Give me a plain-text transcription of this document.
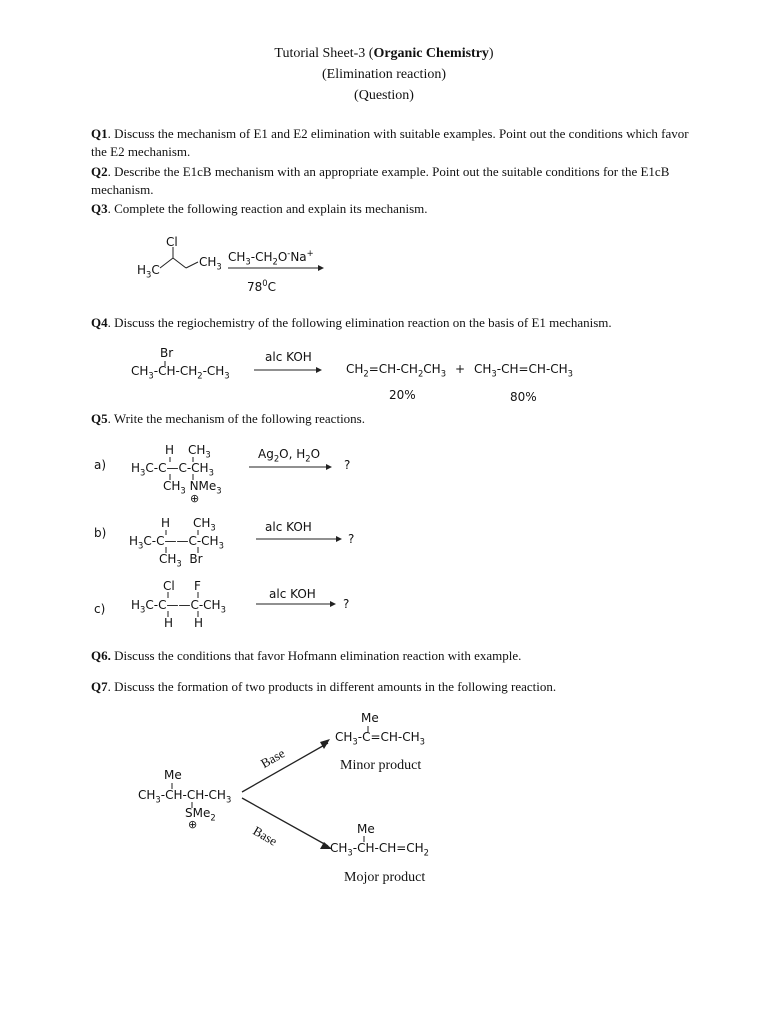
Tutorial Sheet-3 (Organic Chemistry)
(Elimination reaction)
(Question)
Q1. Discuss the mechanism of E1 and E2 elimination with suitable examples. Point out the conditions which favor the E2 mechanism.
Q2. Describe the E1cB mechanism with an appropriate example. Point out the suitable conditions for the E1cB mechanism.
Q3. Complete the following reaction and explain its mechanism.
Cl
$H_3C$
$CH_3$
$CH_3-CH_2O^-Na^+$
$78^0C$
Q4. Discuss the regiochemistry of the following elimination reaction on the basis of E1 mechanism.
Br
$CH_3-CH-CH_2-CH_3$
alc KOH
$CH_2=CH-CH_2CH_3 + CH_3-CH=CH-CH_3$
20%	80%
Q5. Write the mechanism of the following reactions.
a)
H $CH_3$
$H_3C-C—C-CH_3$
$CH_3$ NMe$_3$
⊕
$Ag_2O$, $H_2O$
?
b)
H $CH_3$
$H_3C-C——C-CH_3$
$CH_3$  Br
alc KOH
?
c)
Cl F
$H_3C-C——C-CH_3$
H H
alc KOH
?
Q6. Discuss the conditions that favor Hofmann elimination reaction with example.
Q7. Discuss the formation of two products in different amounts in the following reaction.
Me
$CH_3-CH-CH-CH_3$
SMe$_2$
⊕
Base
Base
Me
$CH_3-C=CH-CH_3$
Minor product
Me
$CH_3-CH-CH=CH_2$
Mojor product
